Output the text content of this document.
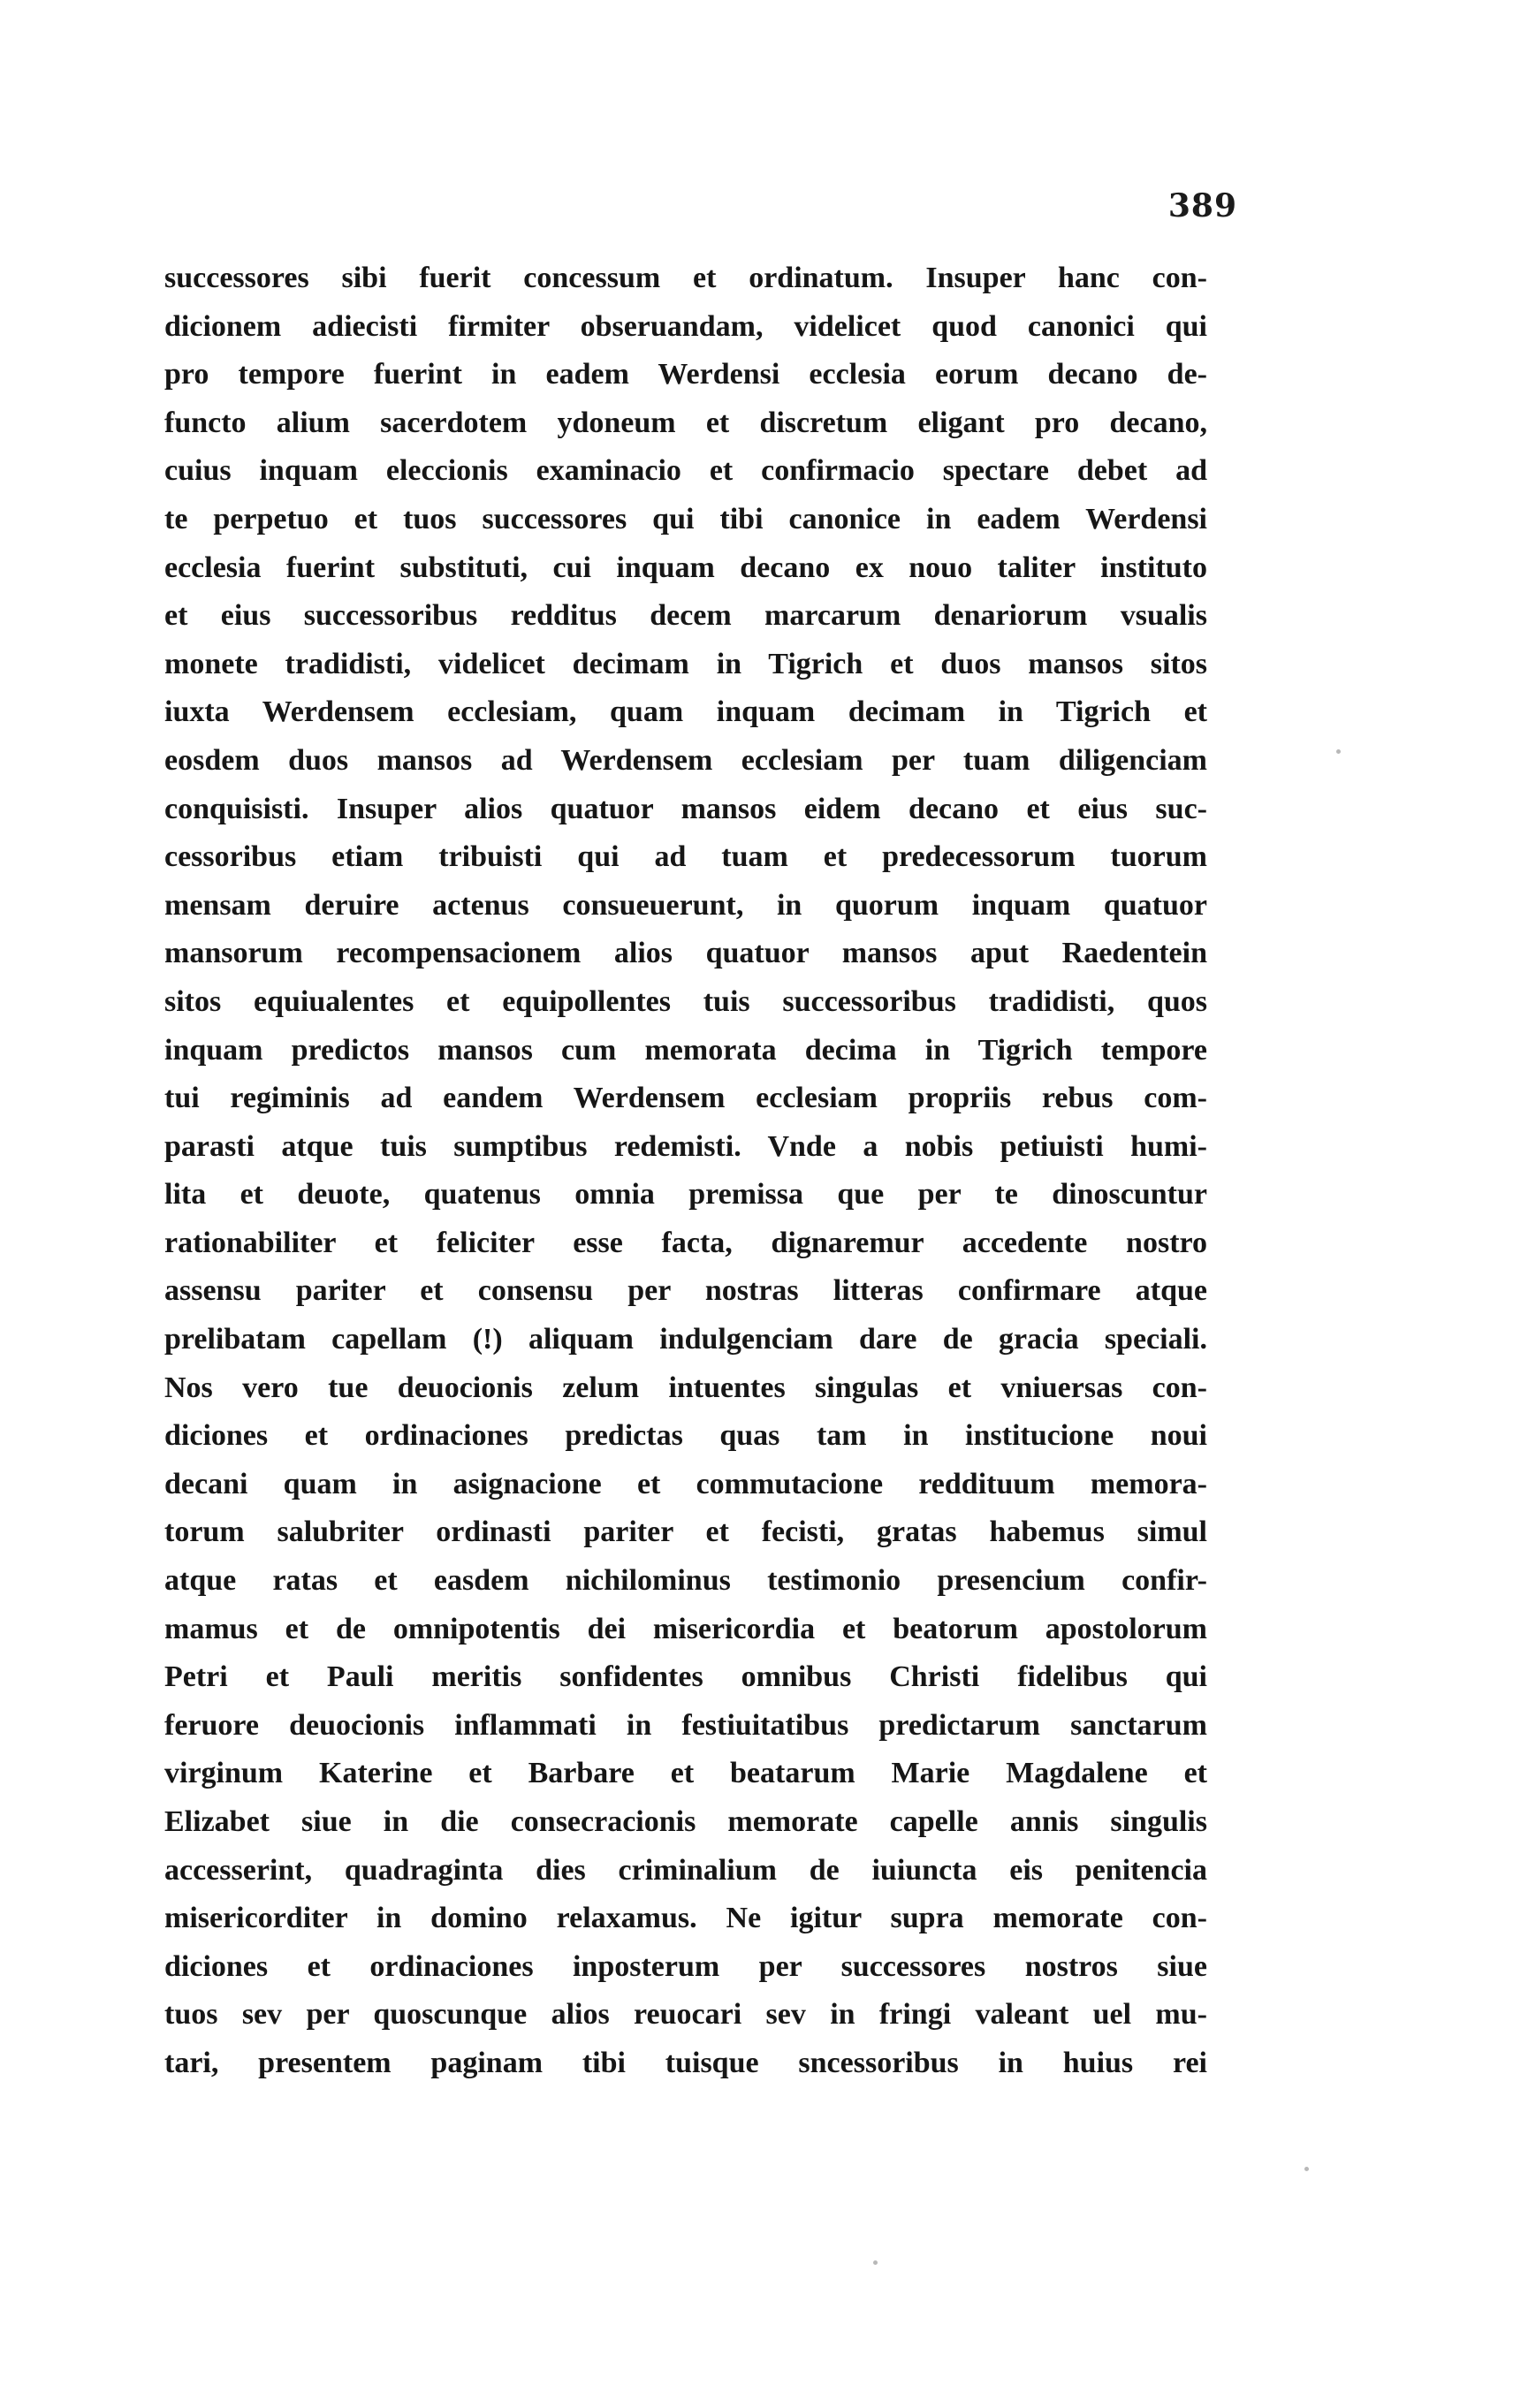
389
successores sibi fuerit concessum et ordinatum. Insuper hanc con-
dicionem adiecisti firmiter obseruandam, videlicet quod canonici qui
pro tempore fuerint in eadem Werdensi ecclesia eorum decano de-
functo alium sacerdotem ydoneum et discretum eligant pro decano,
cuius inquam eleccionis examinacio et confirmacio spectare debet ad
te perpetuo et tuos successores qui tibi canonice in eadem Werdensi
ecclesia fuerint substituti, cui inquam decano ex nouo taliter instituto
et eius successoribus redditus decem marcarum denariorum vsualis
monete tradidisti, videlicet decimam in Tigrich et duos mansos sitos
iuxta Werdensem ecclesiam, quam inquam decimam in Tigrich et
eosdem duos mansos ad Werdensem ecclesiam per tuam diligenciam
conquisisti. Insuper alios quatuor mansos eidem decano et eius suc-
cessoribus etiam tribuisti qui ad tuam et predecessorum tuorum
mensam deruire actenus consueuerunt, in quorum inquam quatuor
mansorum recompensacionem alios quatuor mansos aput Raedentein
sitos equiualentes et equipollentes tuis successoribus tradidisti, quos
inquam predictos mansos cum memorata decima in Tigrich tempore
tui regiminis ad eandem Werdensem ecclesiam propriis rebus com-
parasti atque tuis sumptibus redemisti. Vnde a nobis petiuisti humi-
lita et deuote, quatenus omnia premissa que per te dinoscuntur
rationabiliter et feliciter esse facta, dignaremur accedente nostro
assensu pariter et consensu per nostras litteras confirmare atque
prelibatam capellam (!) aliquam indulgenciam dare de gracia speciali.
Nos vero tue deuocionis zelum intuentes singulas et vniuersas con-
diciones et ordinaciones predictas quas tam in institucione noui
decani quam in asignacione et commutacione reddituum memora-
torum salubriter ordinasti pariter et fecisti, gratas habemus simul
atque ratas et easdem nichilominus testimonio presencium confir-
mamus et de omnipotentis dei misericordia et beatorum apostolorum
Petri et Pauli meritis sonfidentes omnibus Christi fidelibus qui
feruore deuocionis inflammati in festiuitatibus predictarum sanctarum
virginum Katerine et Barbare et beatarum Marie Magdalene et
Elizabet siue in die consecracionis memorate capelle annis singulis
accesserint, quadraginta dies criminalium de iuiuncta eis penitencia
misericorditer in domino relaxamus. Ne igitur supra memorate con-
diciones et ordinaciones inposterum per successores nostros siue
tuos sev per quoscunque alios reuocari sev in fringi valeant uel mu-
tari, presentem paginam tibi tuisque sncessoribus in huius rei
